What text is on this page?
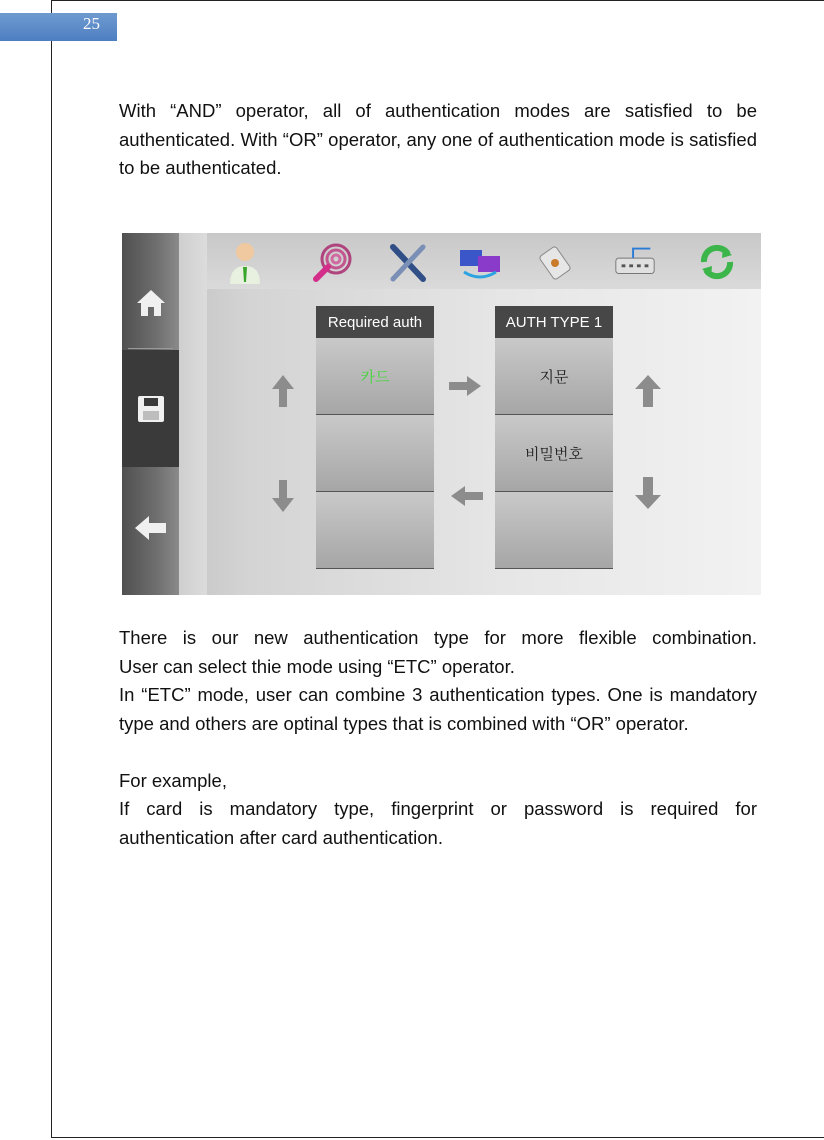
25

With “AND” operator, all of authentication modes are satisfied to be authenticated. With “OR” operator, any one of authentication mode is satisfied to be authenticated.

Required auth
카드
AUTH TYPE 1
지문
비밀번호

There is our new authentication type for more flexible combination.

User can select thie mode using “ETC” operator.

In “ETC” mode, user can combine 3 authentication types. One is mandatory type and others are optinal types that is combined with “OR” operator.

For example,

If card is mandatory type, fingerprint or password is required for authentication after card authentication.
